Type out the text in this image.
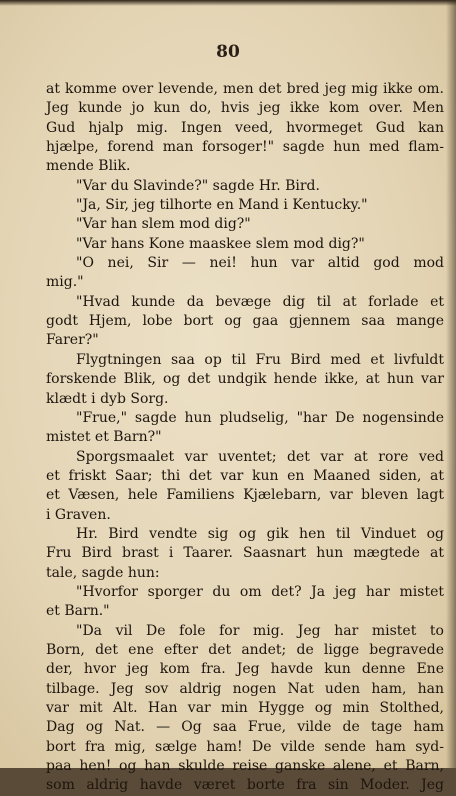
80
at komme over levende, men det bred jeg mig ikke om.
Jeg kunde jo kun do, hvis jeg ikke kom over. Men
Gud hjalp mig. Ingen veed, hvormeget Gud kan
hjælpe, forend man forsoger!" sagde hun med flam-
mende Blik.
"Var du Slavinde?" sagde Hr. Bird.
"Ja, Sir, jeg tilhorte en Mand i Kentucky."
"Var han slem mod dig?"
"Var hans Kone maaskee slem mod dig?"
"O nei, Sir — nei! hun var altid god mod
mig."
"Hvad kunde da bevæge dig til at forlade et
godt Hjem, lobe bort og gaa gjennem saa mange
Farer?"
Flygtningen saa op til Fru Bird med et livfuldt
forskende Blik, og det undgik hende ikke, at hun var
klædt i dyb Sorg.
"Frue," sagde hun pludselig, "har De nogensinde
mistet et Barn?"
Sporgsmaalet var uventet; det var at rore ved
et friskt Saar; thi det var kun en Maaned siden, at
et Væsen, hele Familiens Kjælebarn, var bleven lagt
i Graven.
Hr. Bird vendte sig og gik hen til Vinduet og
Fru Bird brast i Taarer. Saasnart hun mægtede at
tale, sagde hun:
"Hvorfor sporger du om det? Ja jeg har mistet
et Barn."
"Da vil De fole for mig. Jeg har mistet to
Born, det ene efter det andet; de ligge begravede
der, hvor jeg kom fra. Jeg havde kun denne Ene
tilbage. Jeg sov aldrig nogen Nat uden ham, han
var mit Alt. Han var min Hygge og min Stolthed,
Dag og Nat. — Og saa Frue, vilde de tage ham
bort fra mig, sælge ham! De vilde sende ham syd-
paa hen! og han skulde reise ganske alene, et Barn,
som aldrig havde været borte fra sin Moder. Jeg
